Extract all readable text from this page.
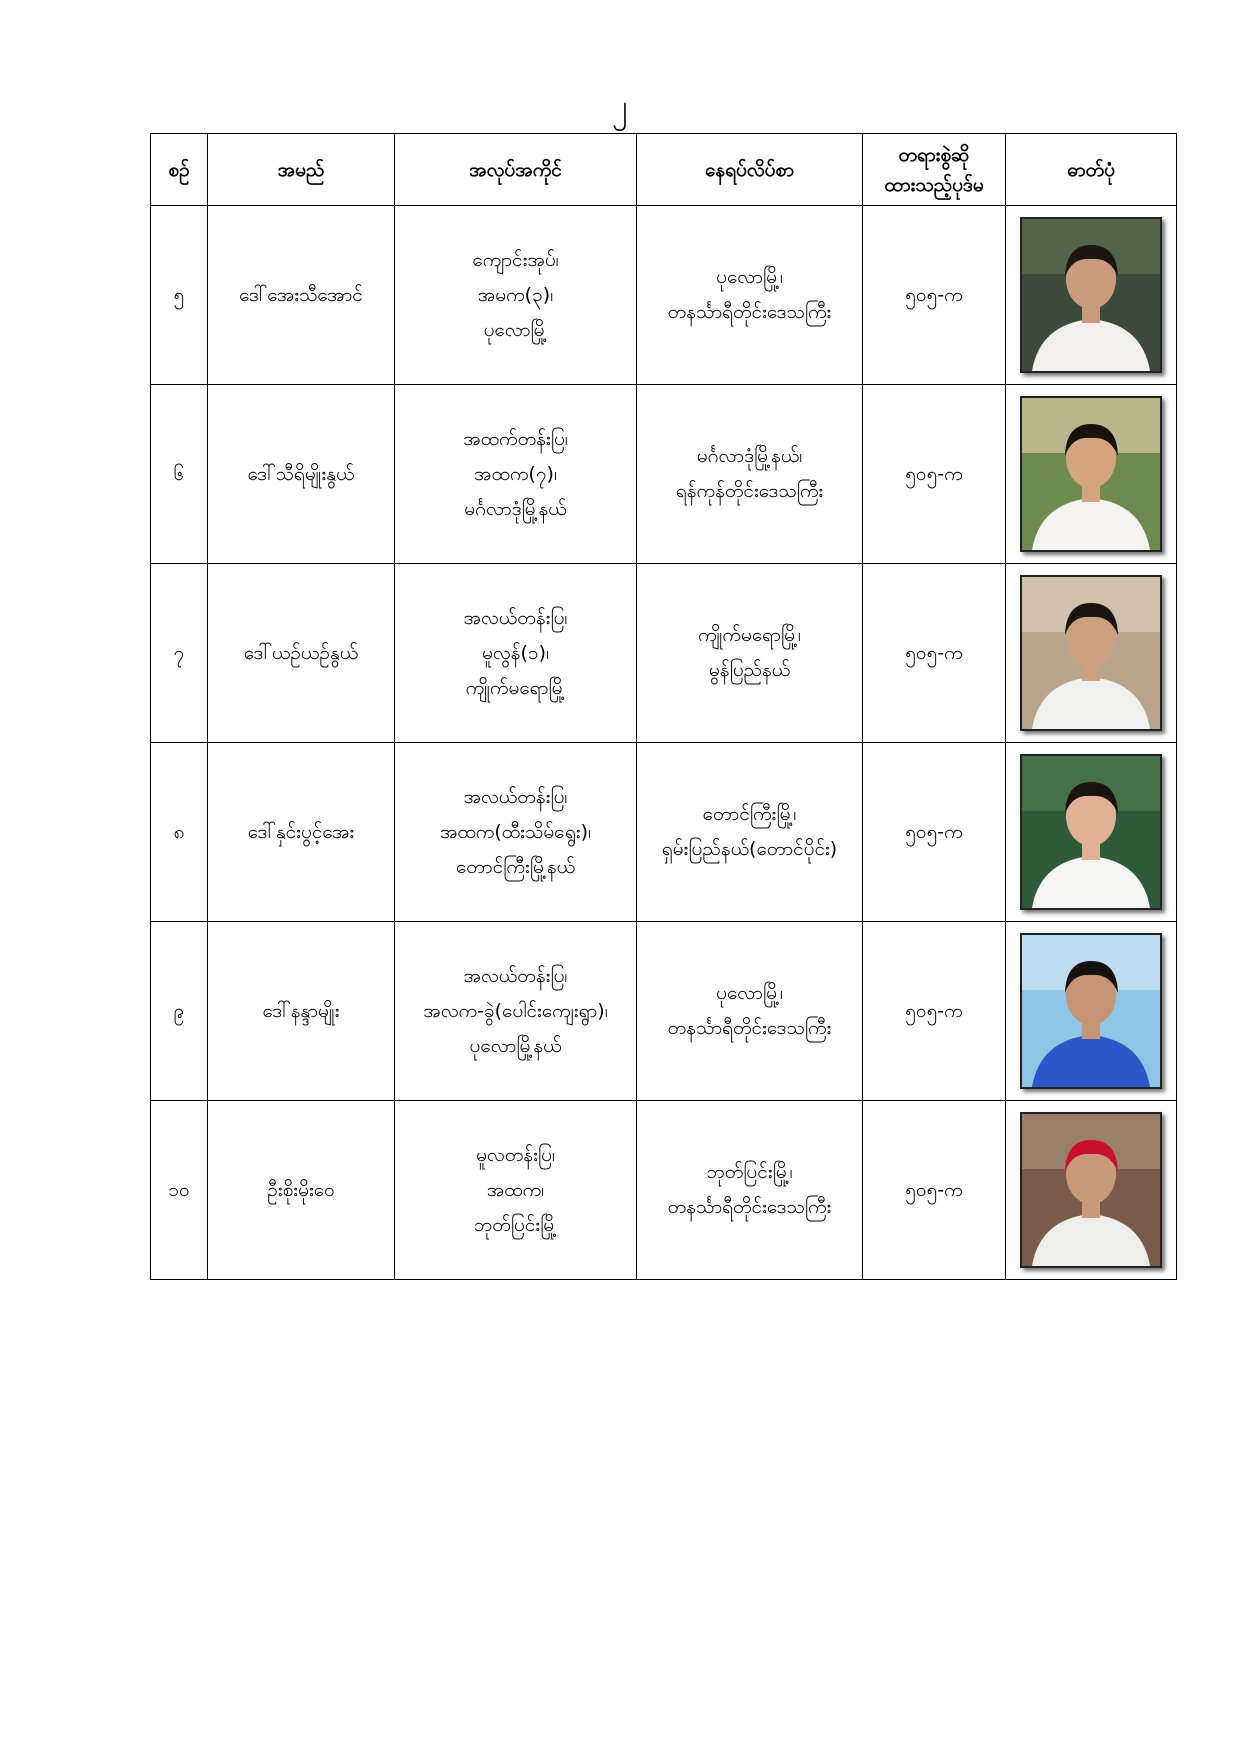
၂
စဉ်	အမည်	အလုပ်အကိုင်	နေရပ်လိပ်စာ	တရားစွဲဆို
ထားသည့်ပုဒ်မ	ဓာတ်ပုံ
၅	ဒေါ်အေးသီအောင်	ကျောင်းအုပ်၊
အမက(၃)၊
ပုလောမြို့	ပုလောမြို့၊
တနင်္သာရီတိုင်းဒေသကြီး	၅၀၅-က	

၆	ဒေါ်သီရိမျိုးနွယ်	အထက်တန်းပြ၊
အထက(၇)၊
မင်္ဂလာဒုံမြို့နယ်	မင်္ဂလာဒုံမြို့နယ်၊
ရန်ကုန်တိုင်းဒေသကြီး	၅၀၅-က	

၇	ဒေါ်ယဉ်ယဉ်နွယ်	အလယ်တန်းပြ၊
မူလွန်(၁)၊
ကျိုက်မရောမြို့	ကျိုက်မရောမြို့၊
မွန်ပြည်နယ်	၅၀၅-က	

၈	ဒေါ်နှင်းပွင့်အေး	အလယ်တန်းပြ၊
အထက(ထီးသိမ်ရွေး)၊
တောင်ကြီးမြို့နယ်	တောင်ကြီးမြို့၊
ရှမ်းပြည်နယ်(တောင်ပိုင်း)	၅၀၅-က	

၉	ဒေါ်နန္ဒာမျိုး	အလယ်တန်းပြ၊
အလက-ခွဲ(ပေါင်းကျေးရွာ)၊
ပုလောမြို့နယ်	ပုလောမြို့၊
တနင်္သာရီတိုင်းဒေသကြီး	၅၀၅-က	

၁၀	ဦးစိုးမိုးဝေ	မူလတန်းပြ၊
အထက၊
ဘုတ်ပြင်းမြို့	ဘုတ်ပြင်းမြို့၊
တနင်္သာရီတိုင်းဒေသကြီး	၅၀၅-က	
